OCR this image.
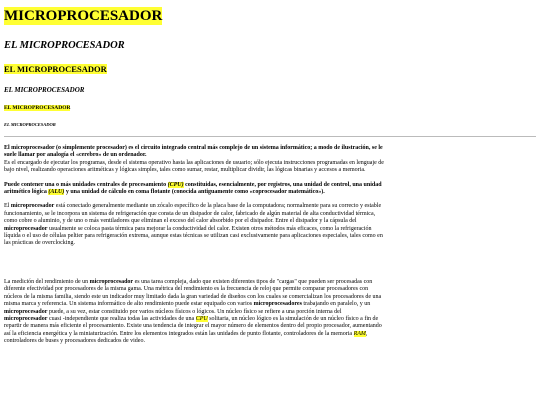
MICROPROCESADOR
EL MICROPROCESADOR
EL MICROPROCESADOR
EL MICROPROCESADOR
EL MICROPROCESADOR
EL MICROPROCESADOR

El microprocesador (o simplemente procesador) es el circuito integrado central más complejo de un sistema informático; a modo de ilustración, se le suele llamar por analogía el «cerebro» de un ordenador.
Es el encargado de ejecutar los programas, desde el sistema operativo hasta las aplicaciones de usuario; sólo ejecuta instrucciones programadas en lenguaje de bajo nivel, realizando operaciones aritméticas y lógicas simples, tales como sumar, restar, multiplicar dividir, las lógicas binarias y accesos a memoria.

Puede contener una o más unidades centrales de procesamiento (CPU) constituidas, esencialmente, por registros, una unidad de control, una unidad aritmético lógica (ALU) y una unidad de cálculo en coma flotante (conocida antiguamente como «coprocesador matemático»).

El microprocesador está conectado generalmente mediante un zócalo específico de la placa base de la computadora; normalmente para su correcto y estable funcionamiento, se le incorpora un sistema de refrigeración que consta de un disipador de calor, fabricado de algún material de alta conductividad térmica, como cobre o aluminio, y de uno o más ventiladores que eliminan el exceso del calor absorbido por el disipador. Entre el disipador y la cápsula del microprocesador usualmente se coloca pasta térmica para mejorar la conductividad del calor. Existen otros métodos más eficaces, como la refrigeración líquida o el uso de células peltier para refrigeración extrema, aunque estas técnicas se utilizan casi exclusivamente para aplicaciones especiales, tales como en las prácticas de overclocking.

La medición del rendimiento de un microprocesador es una tarea compleja, dado que existen diferentes tipos de "cargas" que pueden ser procesadas con diferente efectividad por procesadores de la misma gama. Una métrica del rendimiento es la frecuencia de reloj que permite comparar procesadores con núcleos de la misma familia, siendo este un indicador muy limitado dada la gran variedad de diseños con los cuales se comercializan los procesadores de una misma marca y referencia. Un sistema informático de alto rendimiento puede estar equipado con varios microprocesadores trabajando en paralelo, y un microprocesador puede, a su vez, estar constituido por varios núcleos físicos o lógicos. Un núcleo físico se refiere a una porción interna del microprocesador cuasi -independiente que realiza todas las actividades de una CPU solitaria, un núcleo lógico es la simulación de un núcleo físico a fin de repartir de manera más eficiente el procesamiento. Existe una tendencia de integrar el mayor número de elementos dentro del propio procesador, aumentando así la eficiencia energética y la miniaturización. Entre los elementos integrados están las unidades de punto flotante, controladores de la memoria RAM, controladores de buses y procesadores dedicados de video.
